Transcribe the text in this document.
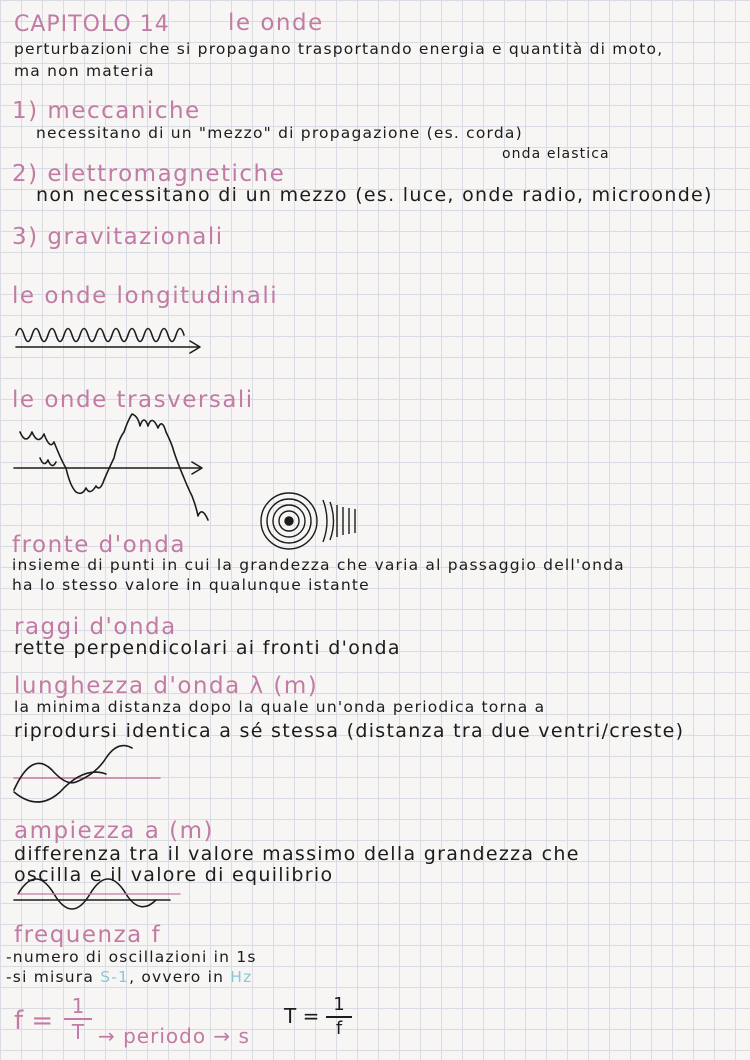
CAPITOLO 14	le onde
perturbazioni che si propagano trasportando energia e quantità di moto,
ma non materia
1) meccaniche
necessitano di un "mezzo" di propagazione (es. corda)
onda elastica
2) elettromagnetiche
non necessitano di un mezzo (es. luce, onde radio, microonde)
3) gravitazionali
le onde longitudinali
le onde trasversali
fronte d'onda
insieme di punti in cui la grandezza che varia al passaggio dell'onda
ha lo stesso valore in qualunque istante
raggi d'onda
rette perpendicolari ai fronti d'onda
lunghezza d'onda λ (m)
la minima distanza dopo la quale un'onda periodica torna a
riprodursi identica a sé stessa (distanza tra due ventri/creste)
ampiezza a (m)
differenza tra il valore massimo della grandezza che
oscilla e il valore di equilibrio
frequenza f
-numero di oscillazioni in 1s
-si misura S-1, ovvero in Hz
f = 1
T → periodo → s
T = 1
f
